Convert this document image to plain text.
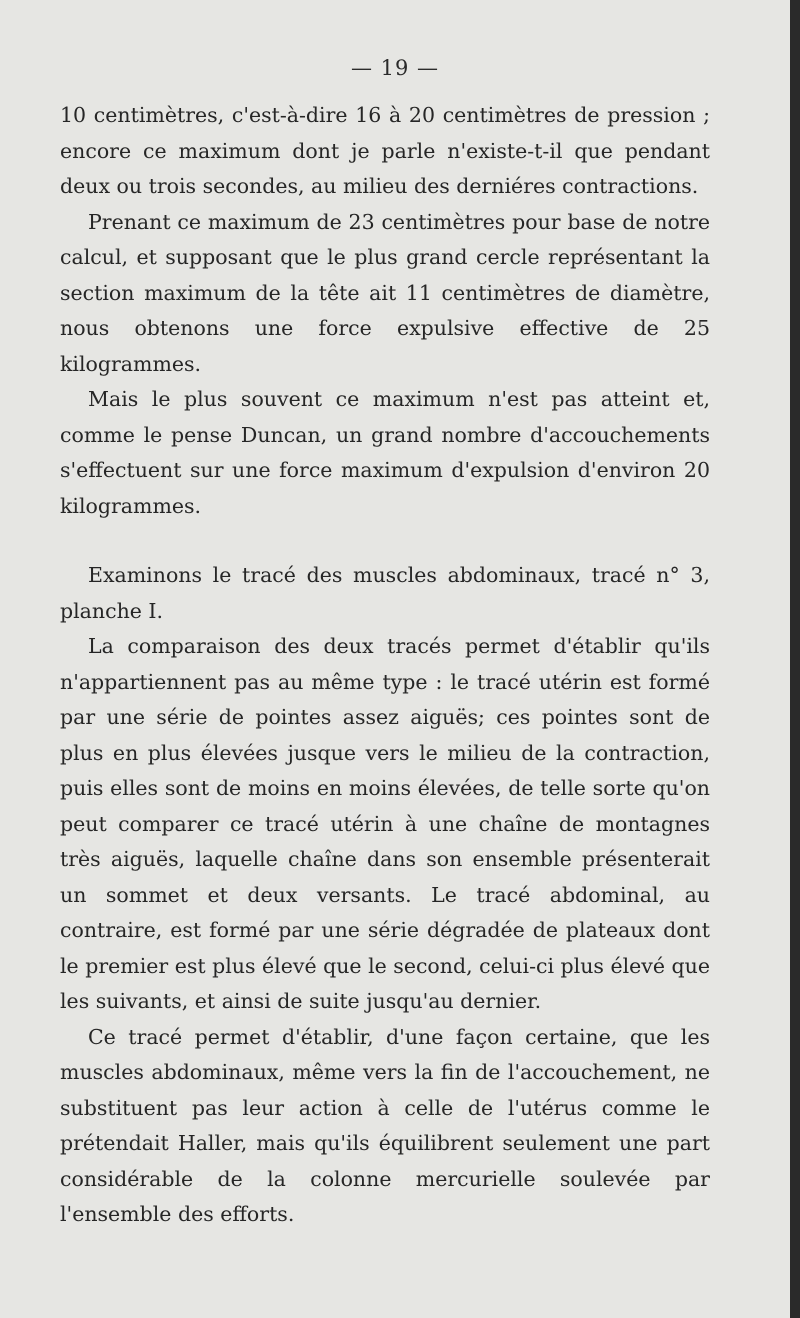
— 19 —

10 centimètres, c'est-à-dire 16 à 20 centimètres de pression ; encore ce maximum dont je parle n'existe-t-il que pendant deux ou trois secondes, au milieu des derniéres contractions.

Prenant ce maximum de 23 centimètres pour base de notre calcul, et supposant que le plus grand cercle représentant la section maximum de la tête ait 11 centimètres de diamètre, nous obtenons une force expulsive effective de 25 kilogrammes.

Mais le plus souvent ce maximum n'est pas atteint et, comme le pense Duncan, un grand nombre d'accouchements s'effectuent sur une force maximum d'expulsion d'environ 20 kilogrammes.

Examinons le tracé des muscles abdominaux, tracé n° 3, planche I.

La comparaison des deux tracés permet d'établir qu'ils n'appartiennent pas au même type : le tracé utérin est formé par une série de pointes assez aiguës; ces pointes sont de plus en plus élevées jusque vers le milieu de la contraction, puis elles sont de moins en moins élevées, de telle sorte qu'on peut comparer ce tracé utérin à une chaîne de montagnes très aiguës, laquelle chaîne dans son ensemble présenterait un sommet et deux versants. Le tracé abdominal, au contraire, est formé par une série dégradée de plateaux dont le premier est plus élevé que le second, celui-ci plus élevé que les suivants, et ainsi de suite jusqu'au dernier.

Ce tracé permet d'établir, d'une façon certaine, que les muscles abdominaux, même vers la fin de l'accouchement, ne substituent pas leur action à celle de l'utérus comme le prétendait Haller, mais qu'ils équilibrent seulement une part considérable de la colonne mercurielle soulevée par l'ensemble des efforts.
